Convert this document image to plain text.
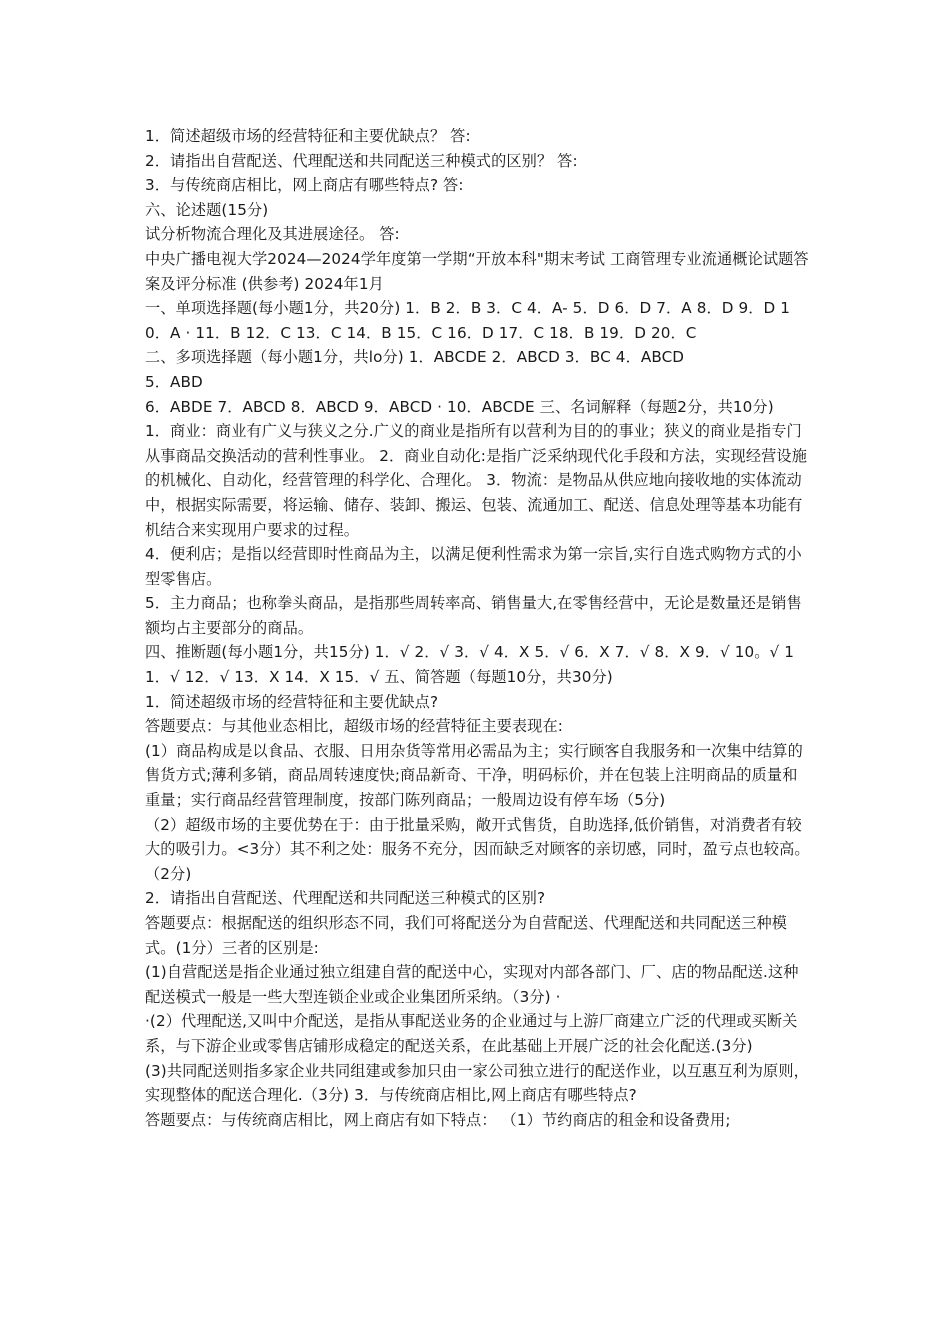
1．简述超级市场的经营特征和主要优缺点？ 答:

2．请指出自营配送、代理配送和共同配送三种模式的区别？ 答:

3．与传统商店相比，网上商店有哪些特点? 答:

六、论述题(15分)

试分析物流合理化及其进展途径。 答:

中央广播电视大学2024—2024学年度第一学期“开放本科"期末考试 工商管理专业流通概论试题答案及评分标准 (供参考) 2024年1月

一、单项选择题(每小题1分，共20分) 1．B 2．B 3．C 4．A- 5．D 6．D 7．A 8．D 9．D 10．A · 11．B 12．C 13．C 14．B 15．C 16．D 17．C 18．B 19．D 20．C

二、多项选择题（每小题1分，共lo分) 1．ABCDE 2．ABCD 3．BC 4．ABCD

5．ABD

6．ABDE 7．ABCD 8．ABCD 9．ABCD · 10．ABCDE 三、名词解释（每题2分，共10分)

1．商业：商业有广义与狭义之分.广义的商业是指所有以营利为目的的事业；狭义的商业是指专门从事商品交换活动的营利性事业。 2．商业自动化:是指广泛采纳现代化手段和方法，实现经营设施的机械化、自动化，经营管理的科学化、合理化。 3．物流：是物品从供应地向接收地的实体流动中，根据实际需要，将运输、储存、装卸、搬运、包装、流通加工、配送、信息处理等基本功能有机结合来实现用户要求的过程。

4．便利店；是指以经营即时性商品为主，以满足便利性需求为第一宗旨,实行自选式购物方式的小型零售店。

5．主力商品；也称拳头商品，是指那些周转率高、销售量大,在零售经营中，无论是数量还是销售额均占主要部分的商品。

四、推断题(每小题1分，共15分) 1．√ 2．√ 3．√ 4．X 5．√ 6．X 7．√ 8．X 9．√ 10。√ 11．√ 12．√ 13．X 14．X 15．√ 五、简答题（每题10分，共30分)

1．简述超级市场的经营特征和主要优缺点?

答题要点：与其他业态相比，超级市场的经营特征主要表现在:

(1）商品构成是以食品、衣服、日用杂货等常用必需品为主；实行顾客自我服务和一次集中结算的售货方式;薄利多销，商品周转速度快;商品新奇、干净，明码标价，并在包装上注明商品的质量和重量；实行商品经营管理制度，按部门陈列商品；一般周边设有停车场（5分)

（2）超级市场的主要优势在于：由于批量采购，敞开式售货，自助选择,低价销售，对消费者有较大的吸引力。<3分）其不利之处：服务不充分，因而缺乏对顾客的亲切感，同时，盈亏点也较高。（2分)

2．请指出自营配送、代理配送和共同配送三种模式的区别?

答题要点：根据配送的组织形态不同，我们可将配送分为自营配送、代理配送和共同配送三种模式。(1分）三者的区别是:

(1)自营配送是指企业通过独立组建自营的配送中心，实现对内部各部门、厂、店的物品配送.这种配送模式一般是一些大型连锁企业或企业集团所采纳。（3分) ·

·(2）代理配送,又叫中介配送，是指从事配送业务的企业通过与上游厂商建立广泛的代理或买断关系，与下游企业或零售店铺形成稳定的配送关系，在此基础上开展广泛的社会化配送.(3分)

(3)共同配送则指多家企业共同组建或参加只由一家公司独立进行的配送作业，以互惠互利为原则，实现整体的配送合理化.（3分) 3．与传统商店相比,网上商店有哪些特点?

答题要点：与传统商店相比，网上商店有如下特点： （1）节约商店的租金和设备费用;
